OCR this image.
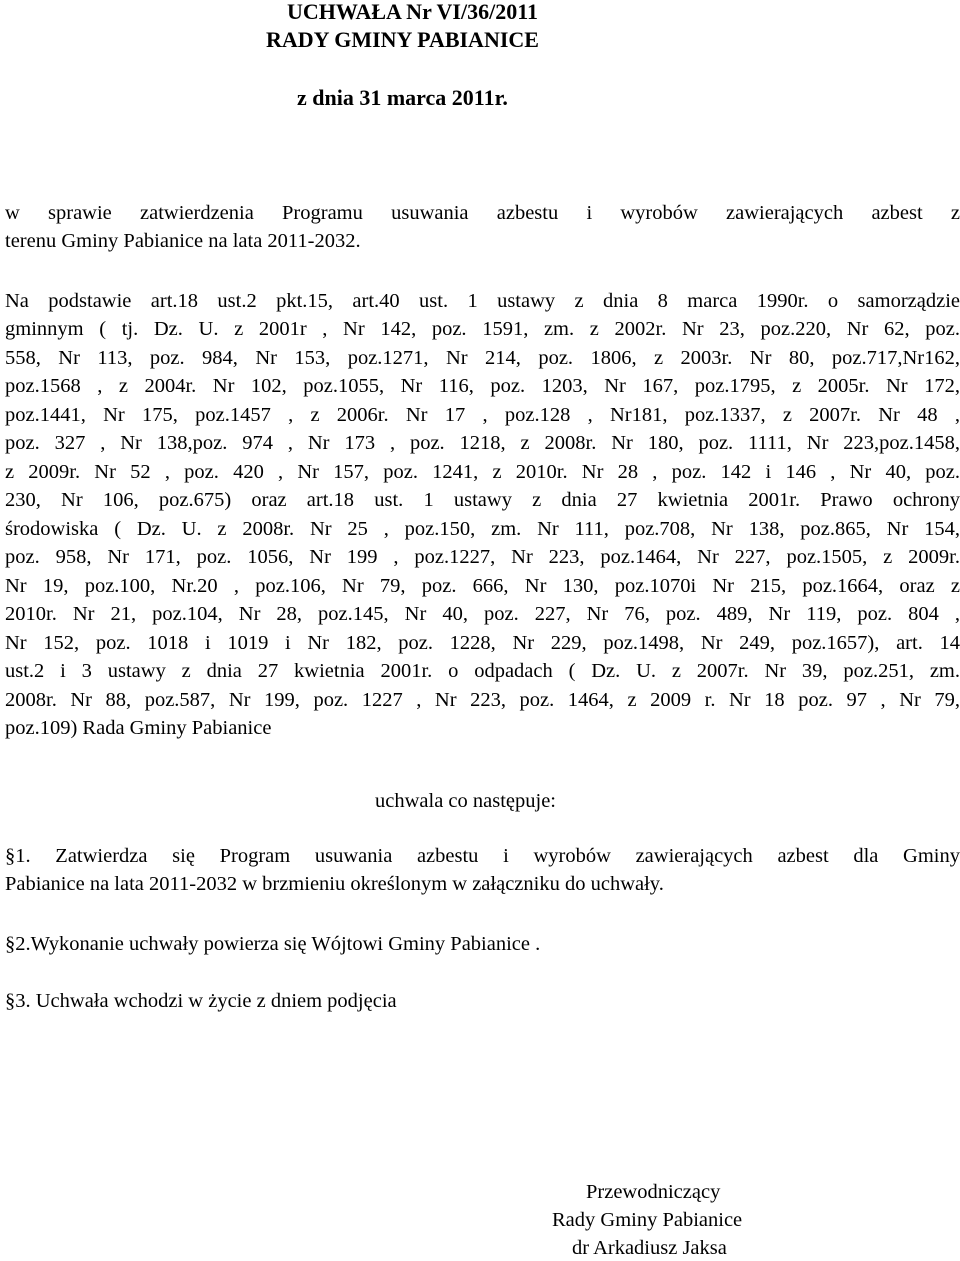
UCHWAŁA Nr VI/36/2011
RADY GMINY PABIANICE
z dnia 31 marca 2011r.
w sprawie zatwierdzenia Programu usuwania azbestu i wyrobów zawierających azbest z
terenu Gminy Pabianice na lata 2011-2032.
Na podstawie art.18 ust.2 pkt.15, art.40 ust. 1 ustawy z dnia 8 marca 1990r. o samorządzie
gminnym ( tj. Dz. U. z 2001r , Nr 142, poz. 1591, zm. z 2002r. Nr 23, poz.220, Nr 62, poz.
558, Nr 113, poz. 984, Nr 153, poz.1271, Nr 214, poz. 1806, z 2003r. Nr 80, poz.717,Nr162,
poz.1568 , z 2004r. Nr 102, poz.1055, Nr 116, poz. 1203, Nr 167, poz.1795, z 2005r. Nr 172,
poz.1441, Nr 175, poz.1457 , z 2006r. Nr 17 , poz.128 , Nr181, poz.1337, z 2007r. Nr 48 ,
poz. 327 , Nr 138,poz. 974 , Nr 173 , poz. 1218, z 2008r. Nr 180, poz. 1111, Nr 223,poz.1458,
z 2009r. Nr 52 , poz. 420 , Nr 157, poz. 1241, z 2010r. Nr 28 , poz. 142 i 146 , Nr 40, poz.
230, Nr 106, poz.675) oraz art.18 ust. 1 ustawy z dnia 27 kwietnia 2001r. Prawo ochrony
środowiska ( Dz. U. z 2008r. Nr 25 , poz.150, zm. Nr 111, poz.708, Nr 138, poz.865, Nr 154,
poz. 958, Nr 171, poz. 1056, Nr 199 , poz.1227, Nr 223, poz.1464, Nr 227, poz.1505, z 2009r.
Nr 19, poz.100, Nr.20 , poz.106, Nr 79, poz. 666, Nr 130, poz.1070i Nr 215, poz.1664, oraz z
2010r. Nr 21, poz.104, Nr 28, poz.145, Nr 40, poz. 227, Nr 76, poz. 489, Nr 119, poz. 804 ,
Nr 152, poz. 1018 i 1019 i Nr 182, poz. 1228, Nr 229, poz.1498, Nr 249, poz.1657), art. 14
ust.2 i 3 ustawy z dnia 27 kwietnia 2001r. o odpadach ( Dz. U. z 2007r. Nr 39, poz.251, zm.
2008r. Nr 88, poz.587, Nr 199, poz. 1227 , Nr 223, poz. 1464, z 2009 r. Nr 18 poz. 97 , Nr 79,
poz.109) Rada Gminy Pabianice
uchwala co następuje:
§1. Zatwierdza się Program usuwania azbestu i wyrobów zawierających azbest dla Gminy
Pabianice na lata 2011-2032 w brzmieniu określonym w załączniku do uchwały.
§2.Wykonanie uchwały powierza się Wójtowi Gminy Pabianice .
§3. Uchwała wchodzi w życie z dniem podjęcia
Przewodniczący
Rady Gminy Pabianice
dr Arkadiusz Jaksa
